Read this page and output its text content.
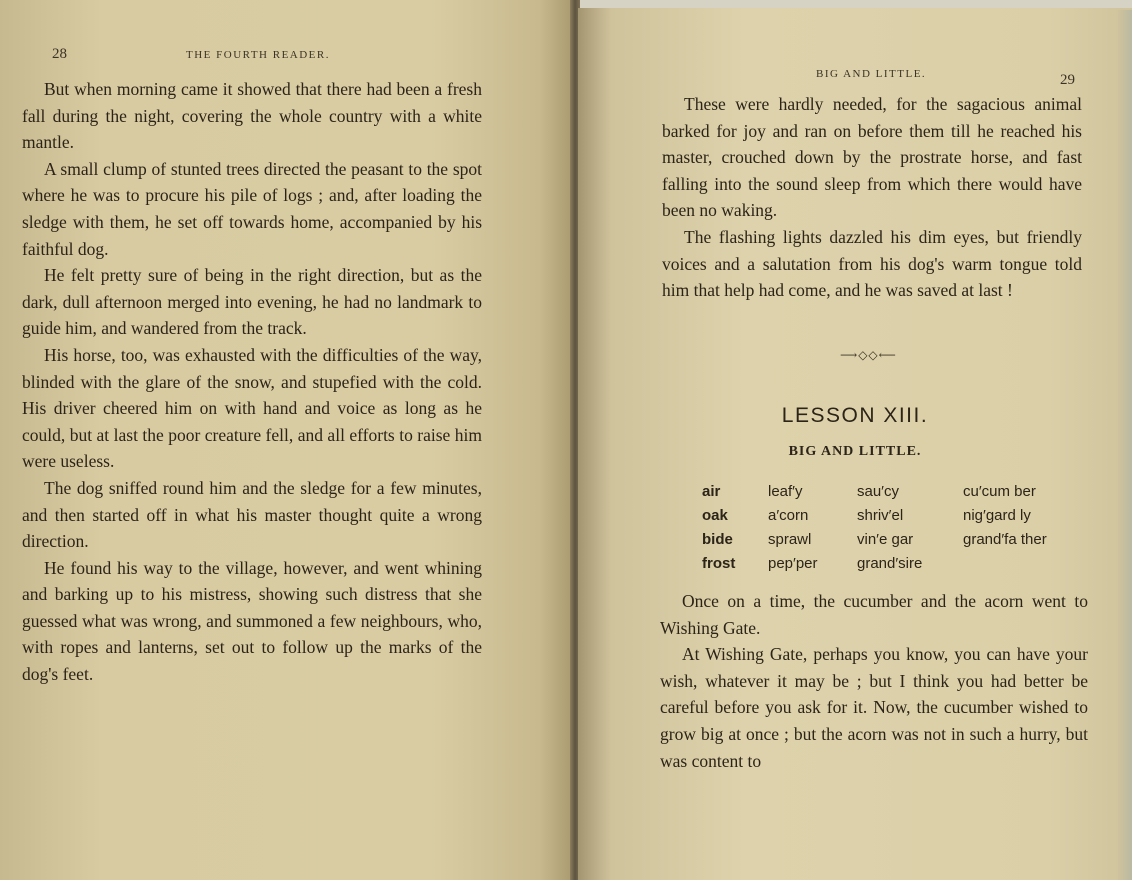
28	THE FOURTH READER.

But when morning came it showed that there had been a fresh fall during the night, covering the whole country with a white mantle.

A small clump of stunted trees directed the peasant to the spot where he was to procure his pile of logs ; and, after loading the sledge with them, he set off towards home, accompanied by his faithful dog.

He felt pretty sure of being in the right direction, but as the dark, dull afternoon merged into evening, he had no landmark to guide him, and wandered from the track.

His horse, too, was exhausted with the difficulties of the way, blinded with the glare of the snow, and stupefied with the cold. His driver cheered him on with hand and voice as long as he could, but at last the poor creature fell, and all efforts to raise him were useless.

The dog sniffed round him and the sledge for a few minutes, and then started off in what his master thought quite a wrong direction.

He found his way to the village, however, and went whining and barking up to his mistress, showing such distress that she guessed what was wrong, and summoned a few neighbours, who, with ropes and lanterns, set out to follow up the marks of the dog's feet.

BIG AND LITTLE.	29

These were hardly needed, for the sagacious animal barked for joy and ran on before them till he reached his master, crouched down by the prostrate horse, and fast falling into the sound sleep from which there would have been no waking.

The flashing lights dazzled his dim eyes, but friendly voices and a salutation from his dog's warm tongue told him that help had come, and he was saved at last !

⟶◇◇⟵
LESSON XIII.
BIG AND LITTLE.
air
oak
bide
frost
leaf′y
a′corn
sprawl
pep′per
sau′cy
shriv′el
vin′e gar
grand′sire
cu′cum ber
nig′gard ly
grand′fa ther

Once on a time, the cucumber and the acorn went to Wishing Gate.

At Wishing Gate, perhaps you know, you can have your wish, whatever it may be ; but I think you had better be careful before you ask for it. Now, the cucumber wished to grow big at once ; but the acorn was not in such a hurry, but was content to
